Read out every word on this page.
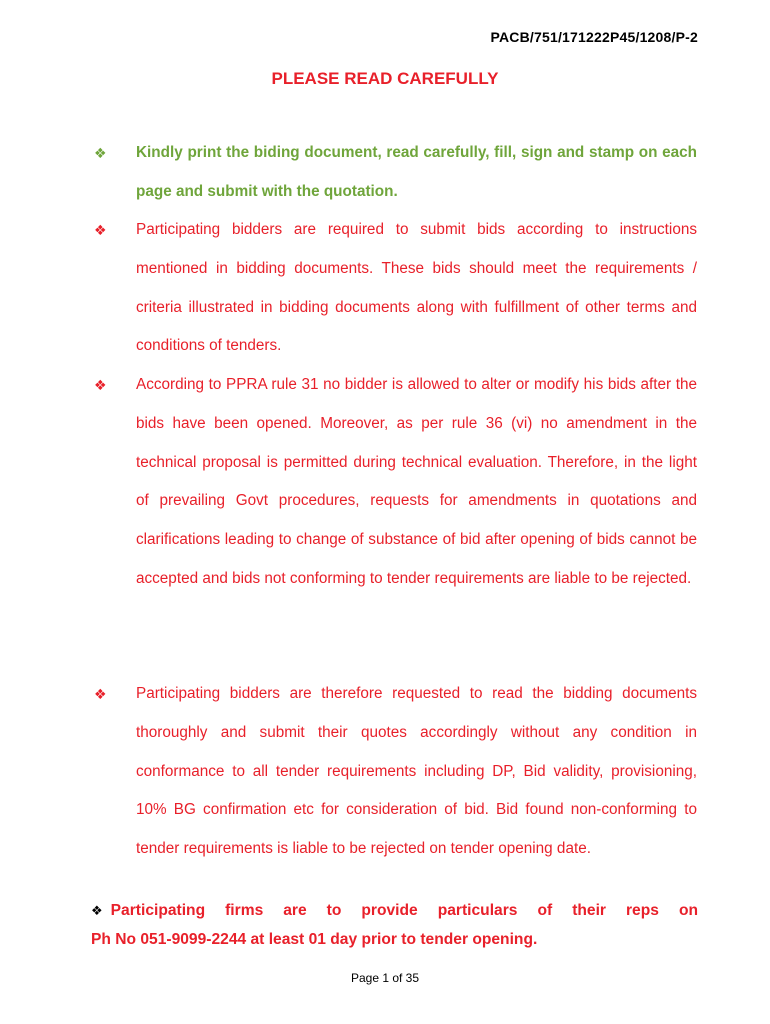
PACB/751/171222P45/1208/P-2
PLEASE READ CAREFULLY
❖	Kindly print the biding document, read carefully, fill, sign and stamp on each page and submit with the quotation.
❖	Participating bidders are required to submit bids according to instructions mentioned in bidding documents. These bids should meet the requirements / criteria illustrated in bidding documents along with fulfillment of other terms and conditions of tenders.
❖	According to PPRA rule 31 no bidder is allowed to alter or modify his bids after the bids have been opened. Moreover, as per rule 36 (vi) no amendment in the technical proposal is permitted during technical evaluation. Therefore, in the light of prevailing Govt procedures, requests for amendments in quotations and clarifications leading to change of substance of bid after opening of bids cannot be accepted and bids not conforming to tender requirements are liable to be rejected.
❖	Participating bidders are therefore requested to read the bidding documents thoroughly and submit their quotes accordingly without any condition in conformance to all tender requirements including DP, Bid validity, provisioning, 10% BG confirmation etc for consideration of bid. Bid found non-conforming to tender requirements is liable to be rejected on tender opening date.
❖ Participating firms are to provide particulars of their reps on
Ph No 051-9099-2244 at least 01 day prior to tender opening.
Page 1 of 35
